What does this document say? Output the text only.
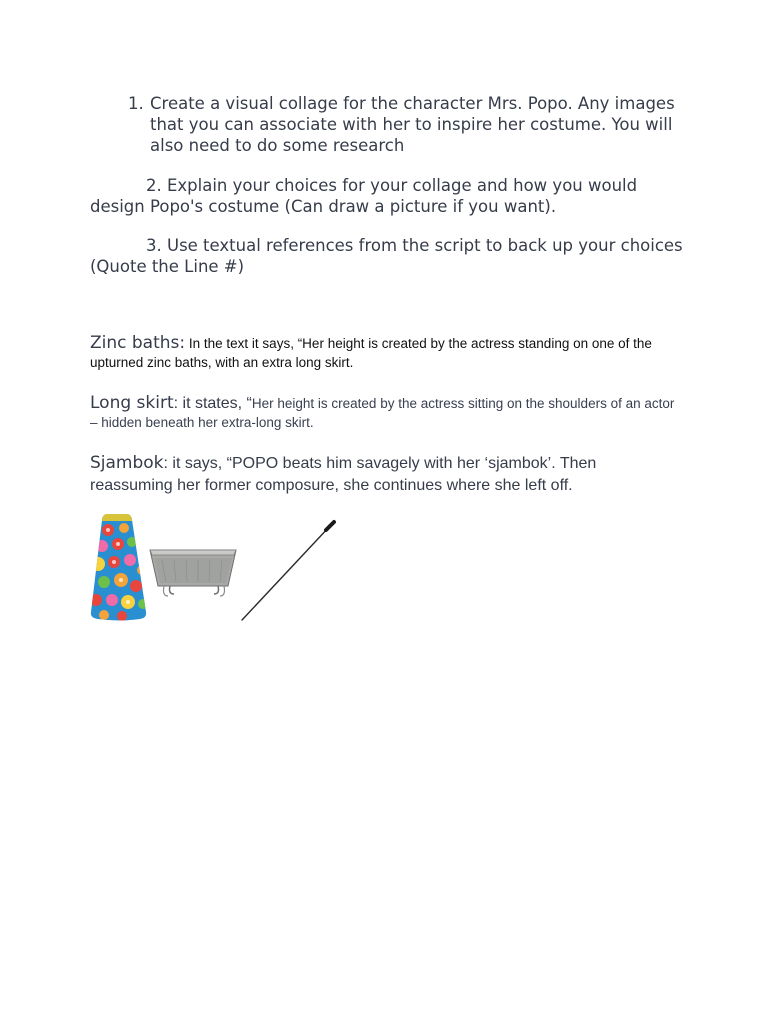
1. Create a visual collage for the character Mrs. Popo. Any images that you can associate with her to inspire her costume. You will also need to do some research

2. Explain your choices for your collage and how you would design Popo's costume (Can draw a picture if you want).

3. Use textual references from the script to back up your choices (Quote the Line #)

Zinc baths: In the text it says, “Her height is created by the actress standing on one of the upturned zinc baths, with an extra long skirt.

Long skirt: it states, “Her height is created by the actress sitting on the shoulders of an actor – hidden beneath her extra-long skirt.

Sjambok: it says, “POPO beats him savagely with her ‘sjambok’. Then reassuming her former composure, she continues where she left off.
